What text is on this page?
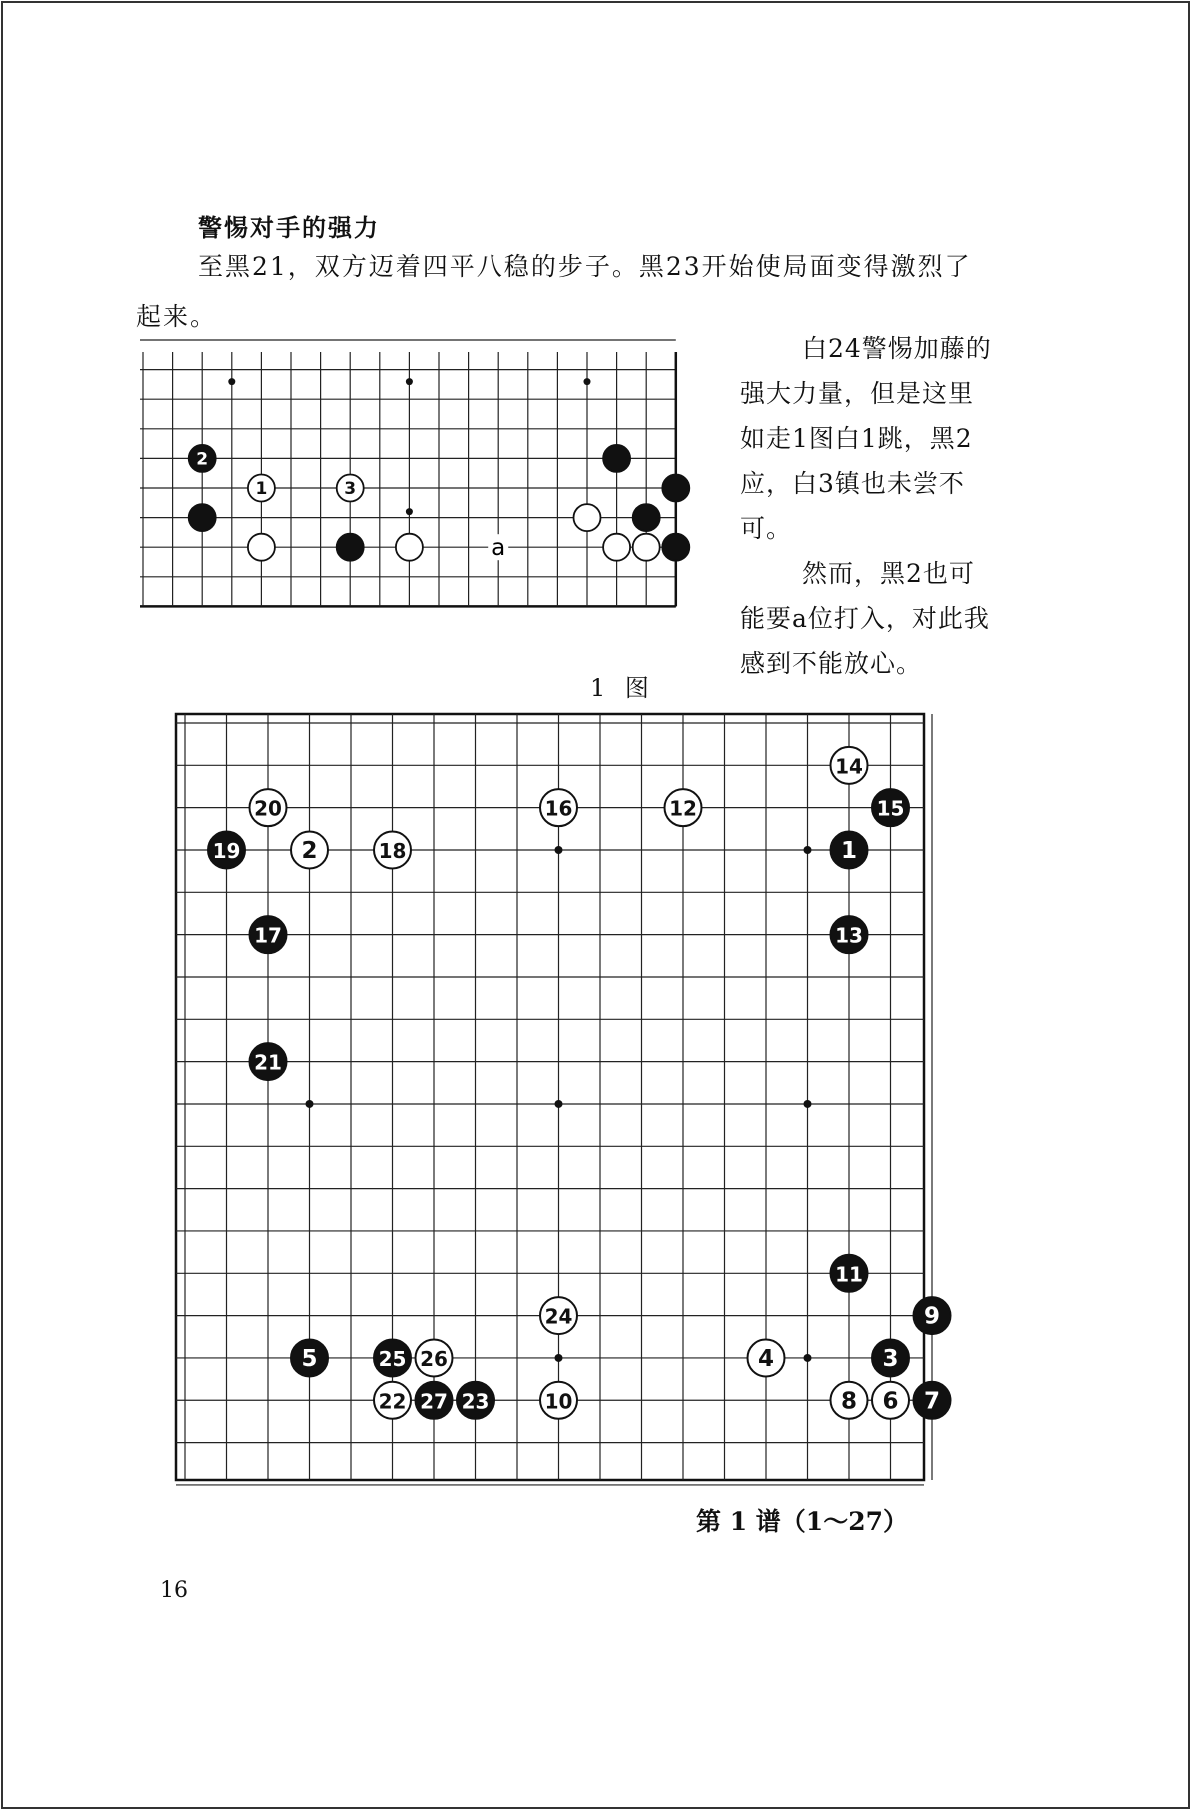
警惕对手的强力
至黑21，双方迈着四平八稳的步子。黑23开始使局面变得激烈了起来。
a
2
1	3

白24警惕加藤的强大力量，但是这里如走1图白1跳，黑2应，白3镇也未尝不可。

然而，黑2也可能要a位打入，对此我感到不能放心。

1 图
1
2
3
4
5
6 7
8
9
10
11
12
13
14
15
16
17
18
19
20
21
22	23
24
25 26
27
第 1 谱（1～27）
16
